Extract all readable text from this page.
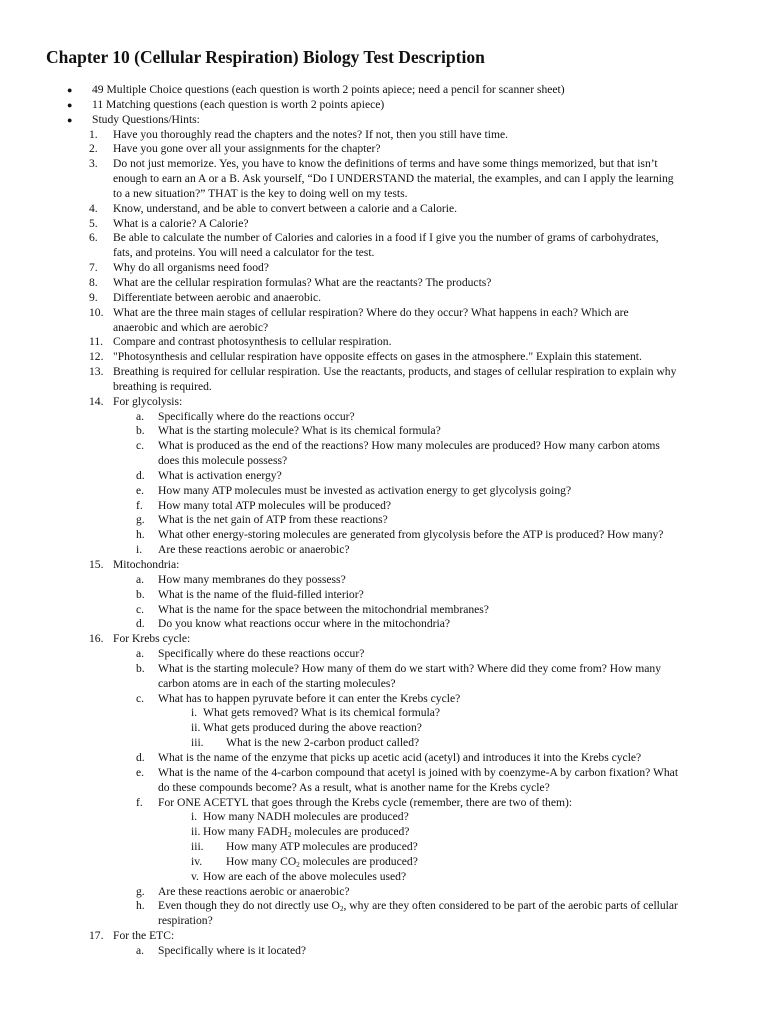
Chapter 10 (Cellular Respiration) Biology Test Description
● 49 Multiple Choice questions (each question is worth 2 points apiece; need a pencil for scanner sheet)
● 11 Matching questions (each question is worth 2 points apiece)
● Study Questions/Hints:
1. Have you thoroughly read the chapters and the notes? If not, then you still have time.
2. Have you gone over all your assignments for the chapter?
3. Do not just memorize. Yes, you have to know the definitions of terms and have some things memorized, but that isn’t
enough to earn an A or a B. Ask yourself, “Do I UNDERSTAND the material, the examples, and can I apply the learning
to a new situation?” THAT is the key to doing well on my tests.
4. Know, understand, and be able to convert between a calorie and a Calorie.
5. What is a calorie? A Calorie?
6. Be able to calculate the number of Calories and calories in a food if I give you the number of grams of carbohydrates,
fats, and proteins. You will need a calculator for the test.
7. Why do all organisms need food?
8. What are the cellular respiration formulas? What are the reactants? The products?
9. Differentiate between aerobic and anaerobic.
10. What are the three main stages of cellular respiration? Where do they occur? What happens in each? Which are
anaerobic and which are aerobic?
11. Compare and contrast photosynthesis to cellular respiration.
12. "Photosynthesis and cellular respiration have opposite effects on gases in the atmosphere." Explain this statement.
13. Breathing is required for cellular respiration. Use the reactants, products, and stages of cellular respiration to explain why
breathing is required.
14. For glycolysis:
a. Specifically where do the reactions occur?
b. What is the starting molecule? What is its chemical formula?
c. What is produced as the end of the reactions? How many molecules are produced? How many carbon atoms
does this molecule possess?
d. What is activation energy?
e. How many ATP molecules must be invested as activation energy to get glycolysis going?
f. How many total ATP molecules will be produced?
g. What is the net gain of ATP from these reactions?
h. What other energy-storing molecules are generated from glycolysis before the ATP is produced? How many?
i. Are these reactions aerobic or anaerobic?
15. Mitochondria:
a. How many membranes do they possess?
b. What is the name of the fluid-filled interior?
c. What is the name for the space between the mitochondrial membranes?
d. Do you know what reactions occur where in the mitochondria?
16. For Krebs cycle:
a. Specifically where do these reactions occur?
b. What is the starting molecule? How many of them do we start with? Where did they come from? How many
carbon atoms are in each of the starting molecules?
c. What has to happen pyruvate before it can enter the Krebs cycle?
i. What gets removed? What is its chemical formula?
ii. What gets produced during the above reaction?
iii. What is the new 2-carbon product called?
d. What is the name of the enzyme that picks up acetic acid (acetyl) and introduces it into the Krebs cycle?
e. What is the name of the 4-carbon compound that acetyl is joined with by coenzyme-A by carbon fixation? What
do these compounds become? As a result, what is another name for the Krebs cycle?
f. For ONE ACETYL that goes through the Krebs cycle (remember, there are two of them):
i. How many NADH molecules are produced?
ii. How many $FADH_2$ molecules are produced?
iii. How many ATP molecules are produced?
iv. How many $CO_2$ molecules are produced?
v. How are each of the above molecules used?
g. Are these reactions aerobic or anaerobic?
h. Even though they do not directly use $O_2$, why are they often considered to be part of the aerobic parts of cellular
respiration?
17. For the ETC:
a. Specifically where is it located?
